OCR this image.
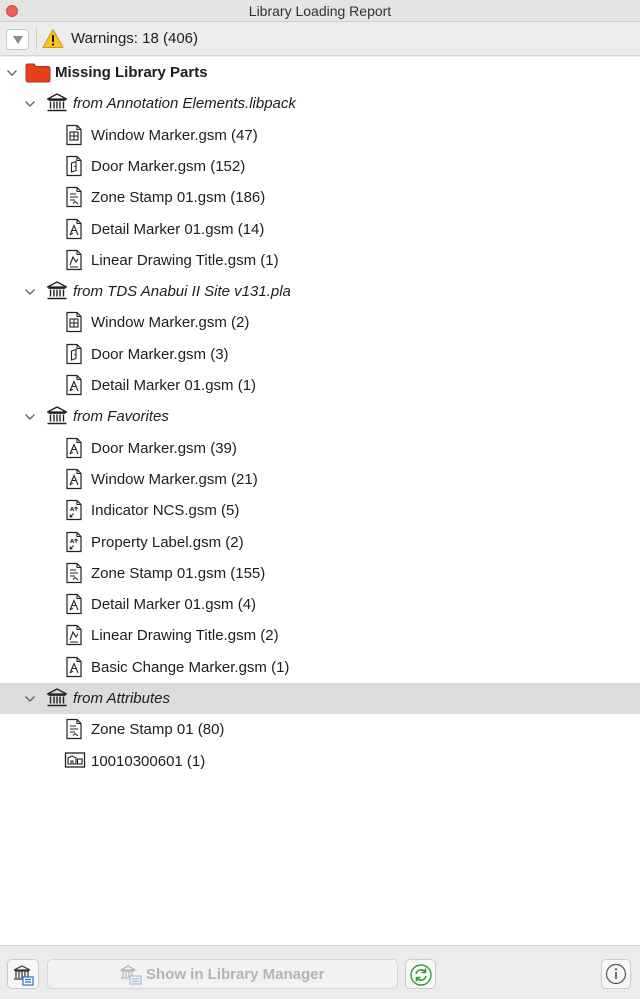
Library Loading Report
Warnings: 18 (406)
Missing Library Parts
from Annotation Elements.libpack
Window Marker.gsm (47)
Door Marker.gsm (152)
Zone Stamp 01.gsm (186)
Detail Marker 01.gsm (14)
Linear Drawing Title.gsm (1)
from TDS Anabui II Site v131.pla
Window Marker.gsm (2)
Door Marker.gsm (3)
Detail Marker 01.gsm (1)
from Favorites
Door Marker.gsm (39)
Window Marker.gsm (21)
A Indicator NCS.gsm (5)
A Property Label.gsm (2)
Zone Stamp 01.gsm (155)
Detail Marker 01.gsm (4)
Linear Drawing Title.gsm (2)
Basic Change Marker.gsm (1)
from Attributes
Zone Stamp 01 (80)
10010300601 (1)
Show in Library Manager
